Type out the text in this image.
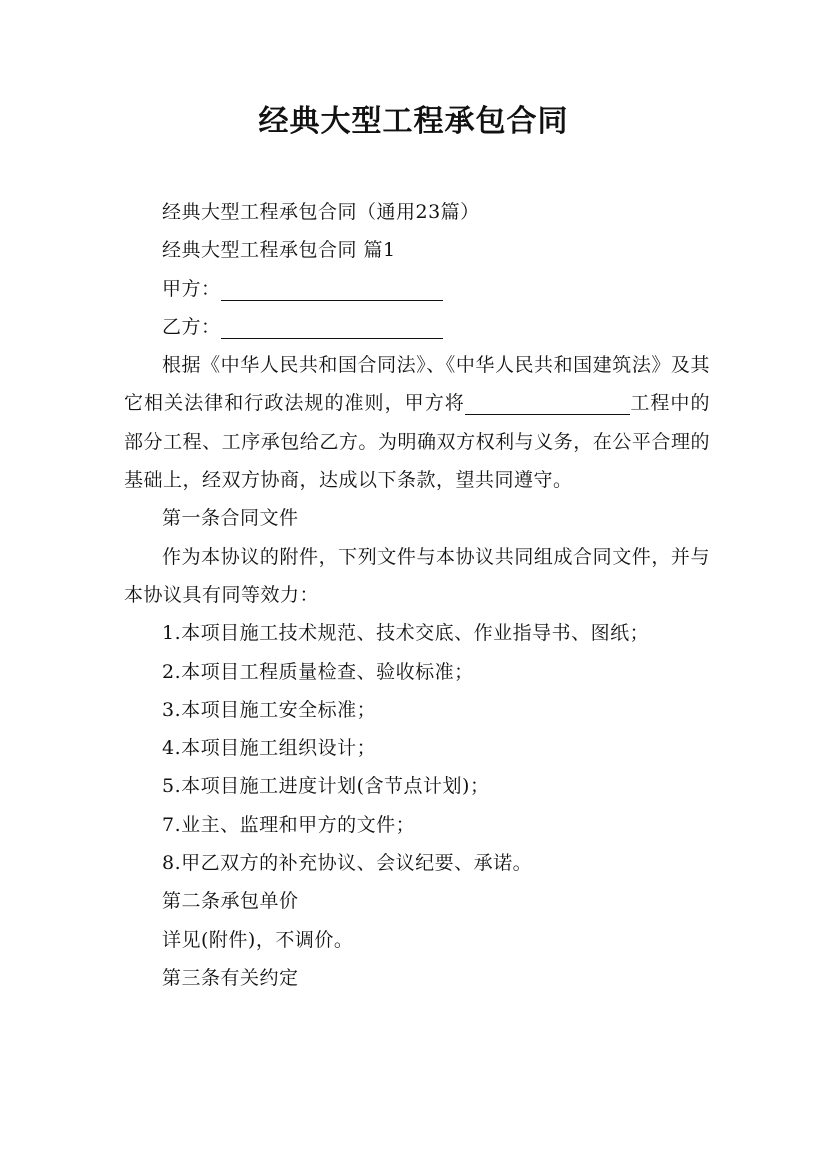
经典大型工程承包合同

经典大型工程承包合同（通用23篇）

经典大型工程承包合同 篇1

甲方：

乙方：

根据《中华人民共和国合同法》、《中华人民共和国建筑法》及其它相关法律和行政法规的准则，甲方将	工程中的部分工程、工序承包给乙方。为明确双方权利与义务，在公平合理的基础上，经双方协商，达成以下条款，望共同遵守。

第一条合同文件

作为本协议的附件，下列文件与本协议共同组成合同文件，并与本协议具有同等效力：

1.本项目施工技术规范、技术交底、作业指导书、图纸；

2.本项目工程质量检查、验收标准；

3.本项目施工安全标准；

4.本项目施工组织设计；

5.本项目施工进度计划(含节点计划)；

7.业主、监理和甲方的文件；

8.甲乙双方的补充协议、会议纪要、承诺。

第二条承包单价

详见(附件)，不调价。

第三条有关约定
